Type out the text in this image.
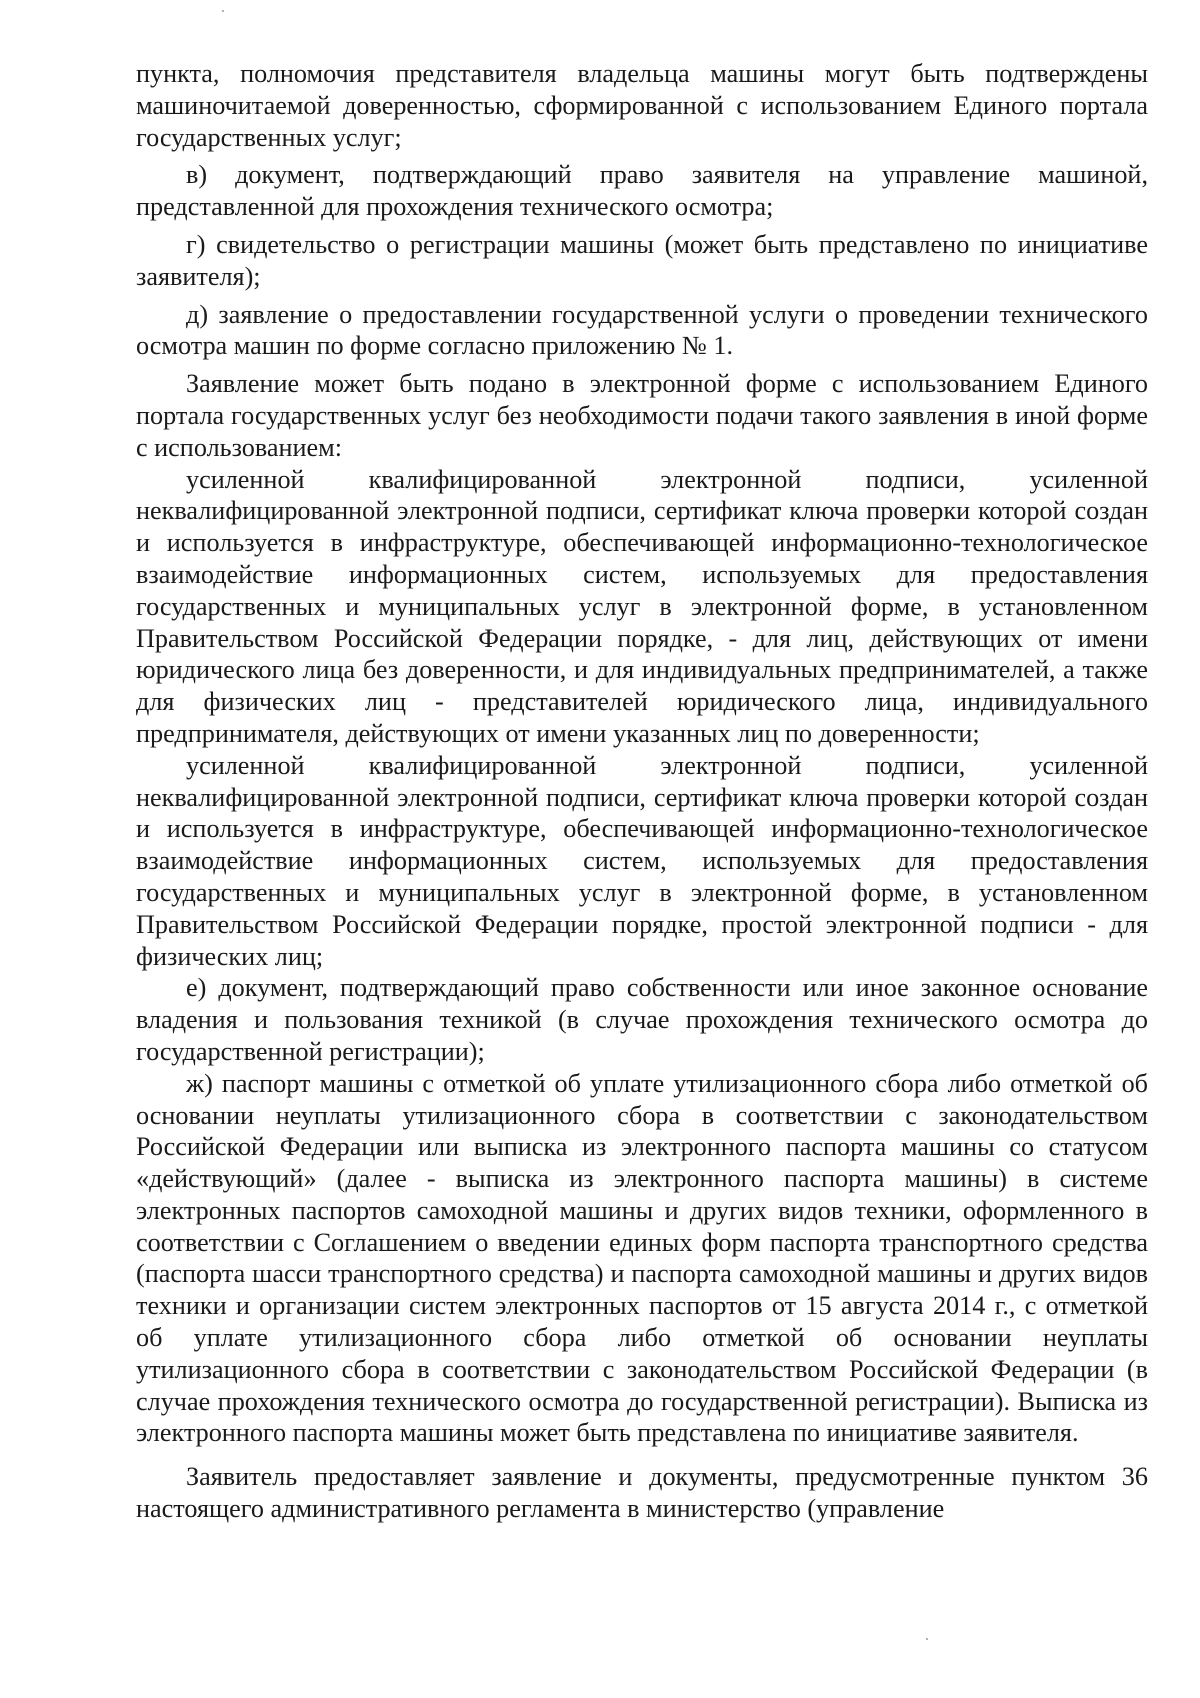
пункта, полномочия представителя владельца машины могут быть подтверждены машиночитаемой доверенностью, сформированной с использованием Единого портала государственных услуг;

в) документ, подтверждающий право заявителя на управление машиной, представленной для прохождения технического осмотра;

г) свидетельство о регистрации машины (может быть представлено по инициативе заявителя);

д) заявление о предоставлении государственной услуги о проведении технического осмотра машин по форме согласно приложению № 1.

Заявление может быть подано в электронной форме с использованием Единого портала государственных услуг без необходимости подачи такого заявления в иной форме с использованием:

усиленной квалифицированной электронной подписи, усиленной неквалифицированной электронной подписи, сертификат ключа проверки которой создан и используется в инфраструктуре, обеспечивающей информационно-технологическое взаимодействие информационных систем, используемых для предоставления государственных и муниципальных услуг в электронной форме, в установленном Правительством Российской Федерации порядке, - для лиц, действующих от имени юридического лица без доверенности, и для индивидуальных предпринимателей, а также для физических лиц - представителей юридического лица, индивидуального предпринимателя, действующих от имени указанных лиц по доверенности;

усиленной квалифицированной электронной подписи, усиленной неквалифицированной электронной подписи, сертификат ключа проверки которой создан и используется в инфраструктуре, обеспечивающей информационно-технологическое взаимодействие информационных систем, используемых для предоставления государственных и муниципальных услуг в электронной форме, в установленном Правительством Российской Федерации порядке, простой электронной подписи - для физических лиц;

е) документ, подтверждающий право собственности или иное законное основание владения и пользования техникой (в случае прохождения технического осмотра до государственной регистрации);

ж) паспорт машины с отметкой об уплате утилизационного сбора либо отметкой об основании неуплаты утилизационного сбора в соответствии с законодательством Российской Федерации или выписка из электронного паспорта машины со статусом «действующий» (далее - выписка из электронного паспорта машины) в системе электронных паспортов самоходной машины и других видов техники, оформленного в соответствии с Соглашением о введении единых форм паспорта транспортного средства (паспорта шасси транспортного средства) и паспорта самоходной машины и других видов техники и организации систем электронных паспортов от 15 августа 2014 г., с отметкой об уплате утилизационного сбора либо отметкой об основании неуплаты утилизационного сбора в соответствии с законодательством Российской Федерации (в случае прохождения технического осмотра до государственной регистрации). Выписка из электронного паспорта машины может быть представлена по инициативе заявителя.

Заявитель предоставляет заявление и документы, предусмотренные пунктом 36 настоящего административного регламента в министерство (управление
